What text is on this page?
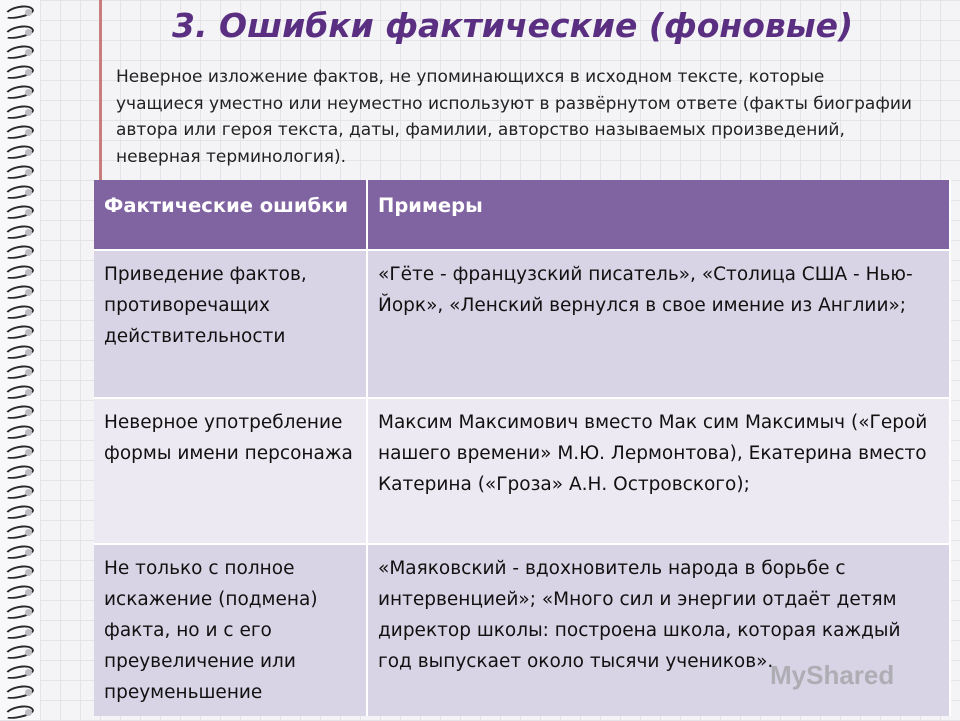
3. Ошибки фактические (фоновые)
Неверное изложение фактов, не упоминающихся в исходном тексте, которые учащиеся уместно или неуместно используют в развёрнутом ответе (факты биографии автора или героя текста, даты, фамилии, авторство называемых произведений, неверная терминология).
Фактические ошибки	Примеры
Приведение фактов, противоречащих действительности	«Гёте - французский писатель», «Столица США - Нью-Йорк», «Ленский вернулся в свое имение из Англии»;
Неверное употребление формы имени персонажа	Максим Максимович вместо Мак сим Максимыч («Герой нашего времени» М.Ю. Лермонтова), Екатерина вместо Катерина («Гроза» А.Н. Островского);
Не только с полное искажение (подмена) факта, но и с его преувеличение или преуменьшение	«Маяковский - вдохновитель народа в борьбе с интервенцией»; «Много сил и энергии отдаёт детям директор школы: построена школа, которая каждый год выпускает около тысячи учеников».
MyShared
